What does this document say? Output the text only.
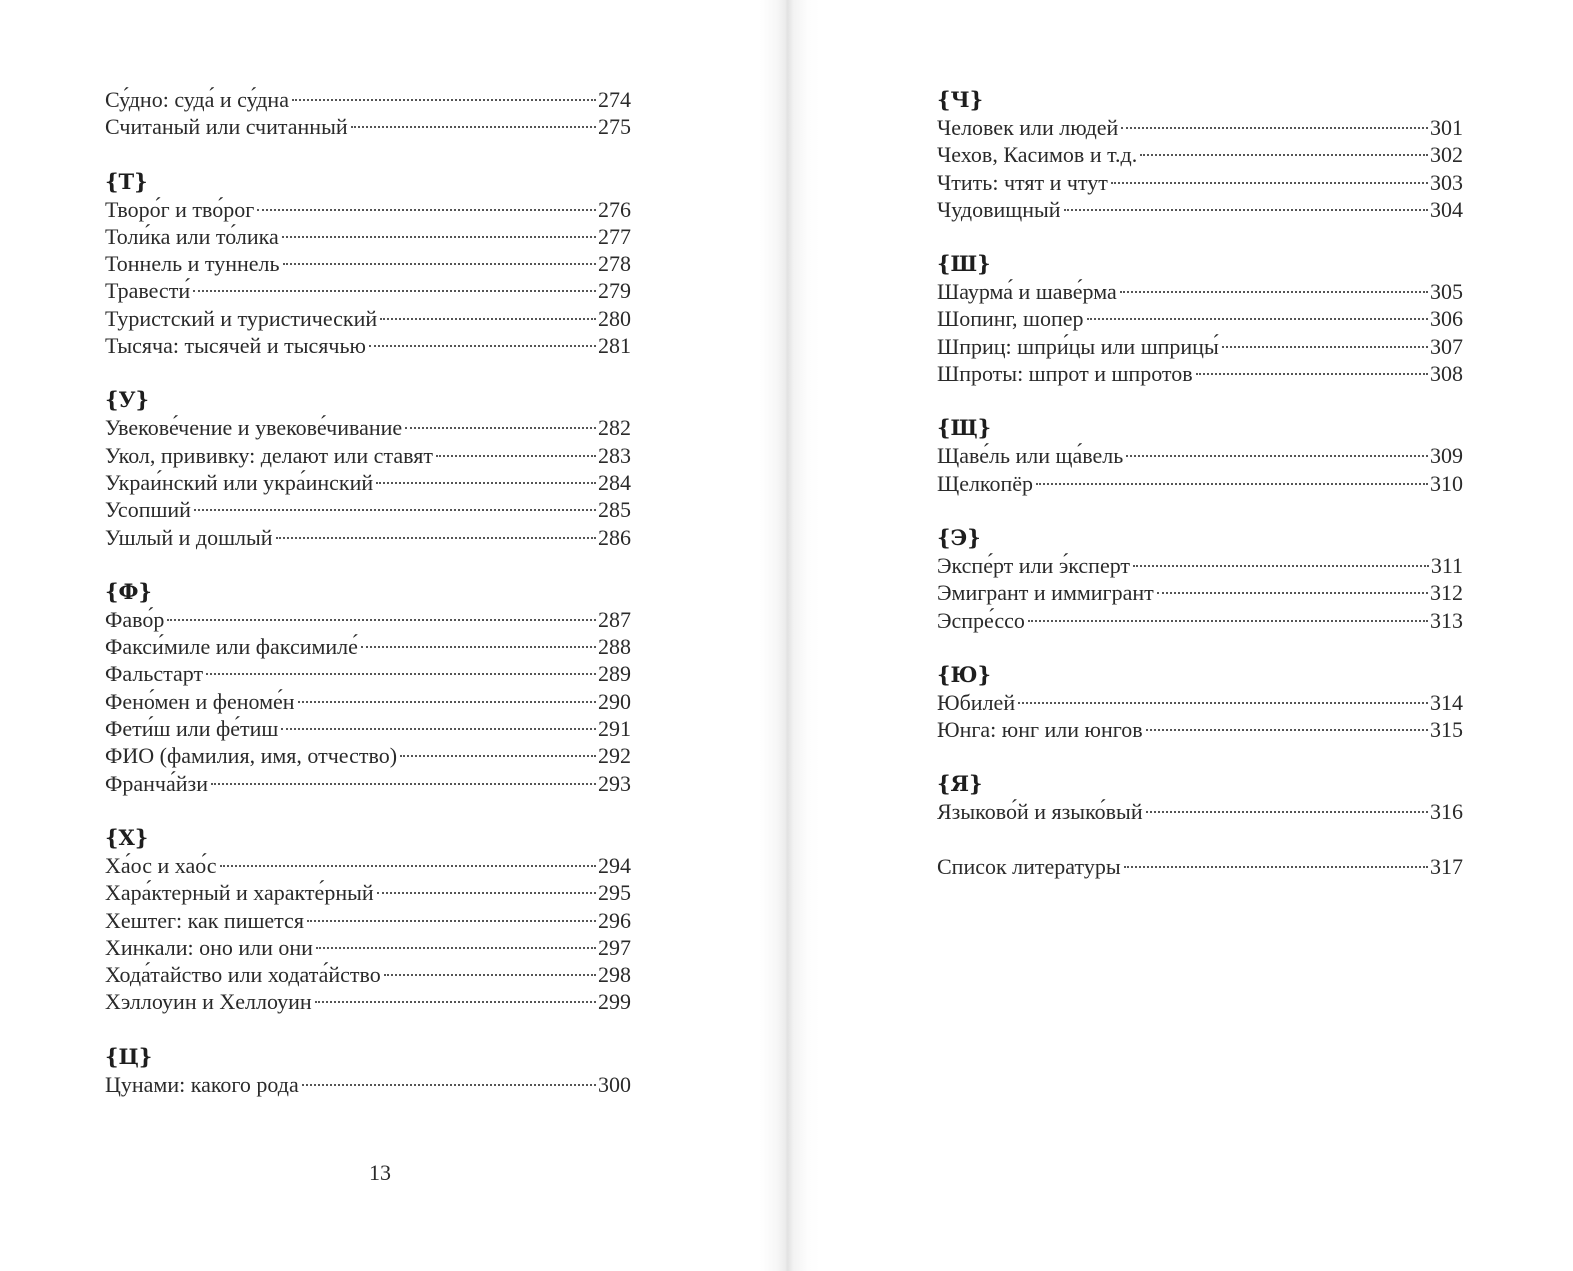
Су́дно: суда́ и су́дна	274
Считаный или считанный	275
{Т}
Творо́г и тво́рог	276
Толи́ка или то́лика	277
Тоннель и туннель	278
Травести́	279
Туристский и туристический	280
Тысяча: тысячей и тысячью	281
{У}
Увекове́чение и увекове́чивание	282
Укол, прививку: делают или ставят	283
Украи́нский или укра́инский	284
Усопший	285
Ушлый и дошлый	286
{Ф}
Фаво́р	287
Факси́миле или факсимиле́	288
Фальстарт	289
Фено́мен и феноме́н	290
Фети́ш или фе́тиш	291
ФИО (фамилия, имя, отчество)	292
Франча́йзи	293
{Х}
Ха́ос и хао́с	294
Хара́ктерный и характе́рный	295
Хештег: как пишется	296
Хинкали: оно или они	297
Хода́тайство или ходата́йство	298
Хэллоуин и Хеллоуин	299
{Ц}
Цунами: какого рода	300
{Ч}
Человек или людей	301
Чехов, Касимов и т.д.	302
Чтить: чтят и чтут	303
Чудовищный	304
{Ш}
Шаурма́ и шаве́рма	305
Шопинг, шопер	306
Шприц: шпри́цы или шприцы́	307
Шпроты: шпрот и шпротов	308
{Щ}
Щаве́ль или ща́вель	309
Щелкопёр	310
{Э}
Экспе́рт или э́ксперт	311
Эмигрант и иммигрант	312
Эспре́ссо	313
{Ю}
Юбилей	314
Юнга: юнг или юнгов	315
{Я}
Языково́й и языко́вый	316
Список литературы	317
13
